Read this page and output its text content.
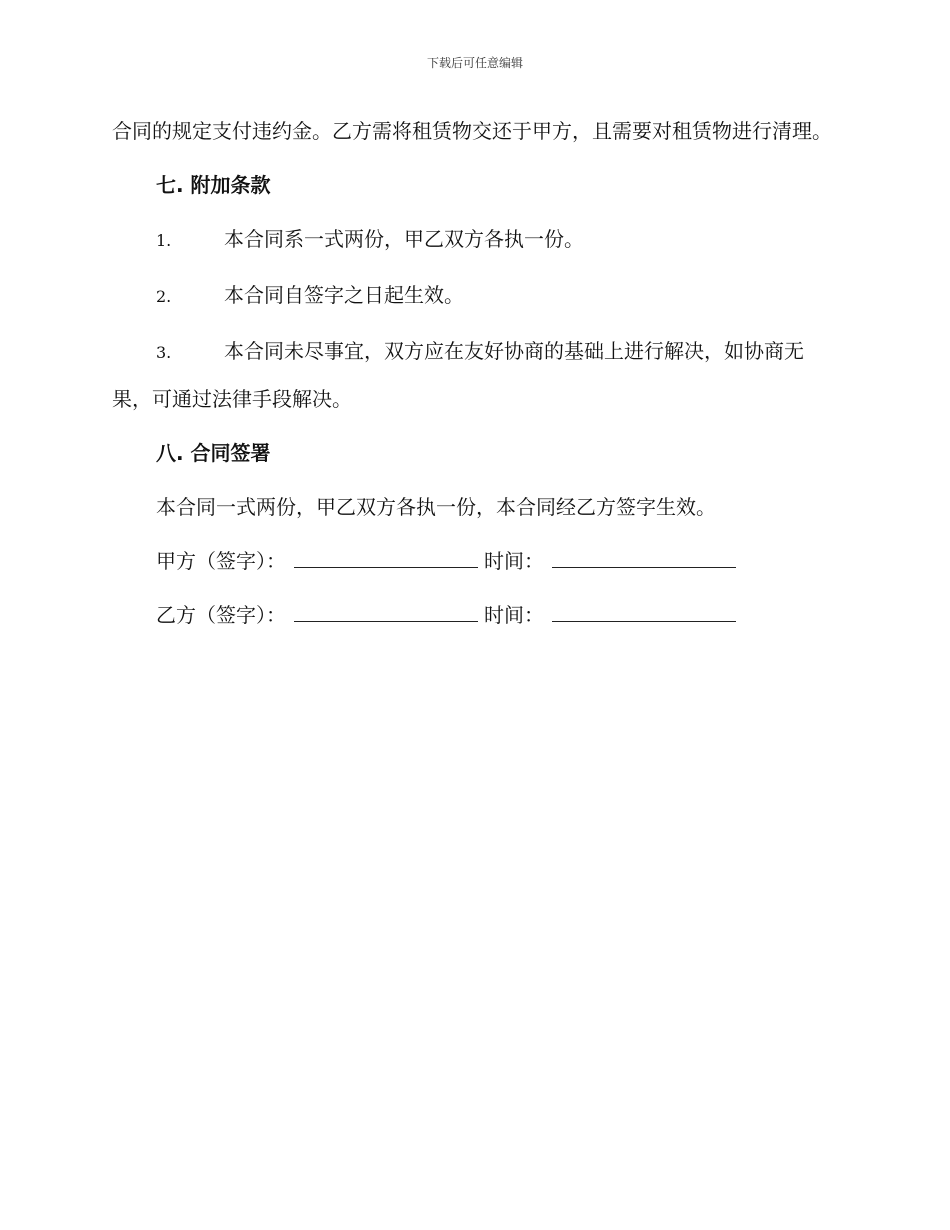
下载后可任意编辑

合同的规定支付违约金。乙方需将租赁物交还于甲方，且需要对租赁物进行清理。

七. 附加条款
1.	本合同系一式两份，甲乙双方各执一份。
2.	本合同自签字之日起生效。
3.	本合同未尽事宜，双方应在友好协商的基础上进行解决，如协商无果，可通过法律手段解决。
八. 合同签署

本合同一式两份，甲乙双方各执一份，本合同经乙方签字生效。

甲方（签字）：	时间：
乙方（签字）：	时间：
